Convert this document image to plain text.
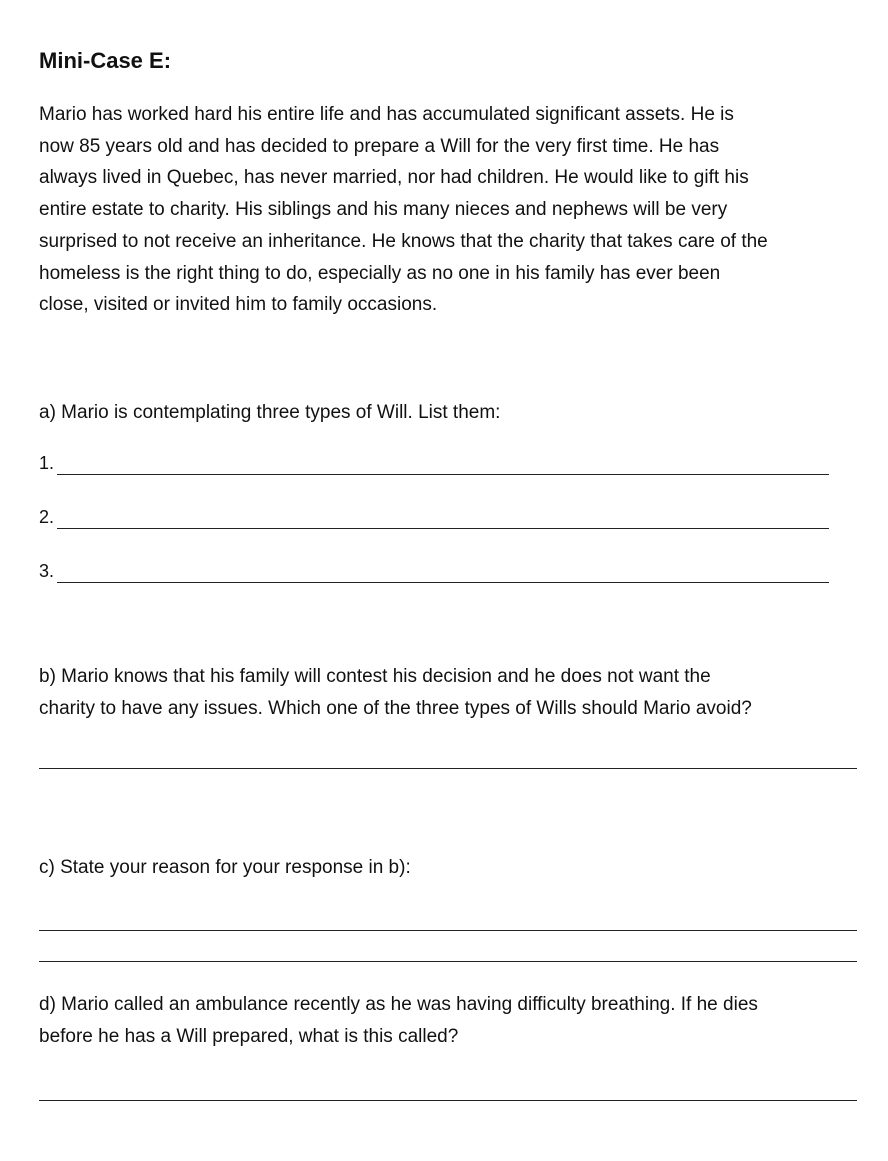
Mini-Case E:

Mario has worked hard his entire life and has accumulated significant assets. He is
now 85 years old and has decided to prepare a Will for the very first time. He has
always lived in Quebec, has never married, nor had children. He would like to gift his
entire estate to charity. His siblings and his many nieces and nephews will be very
surprised to not receive an inheritance. He knows that the charity that takes care of the
homeless is the right thing to do, especially as no one in his family has ever been
close, visited or invited him to family occasions.

a) Mario is contemplating three types of Will. List them:

1.
2.
3.

b) Mario knows that his family will contest his decision and he does not want the
charity to have any issues. Which one of the three types of Wills should Mario avoid?

c) State your reason for your response in b):

d) Mario called an ambulance recently as he was having difficulty breathing. If he dies
before he has a Will prepared, what is this called?
